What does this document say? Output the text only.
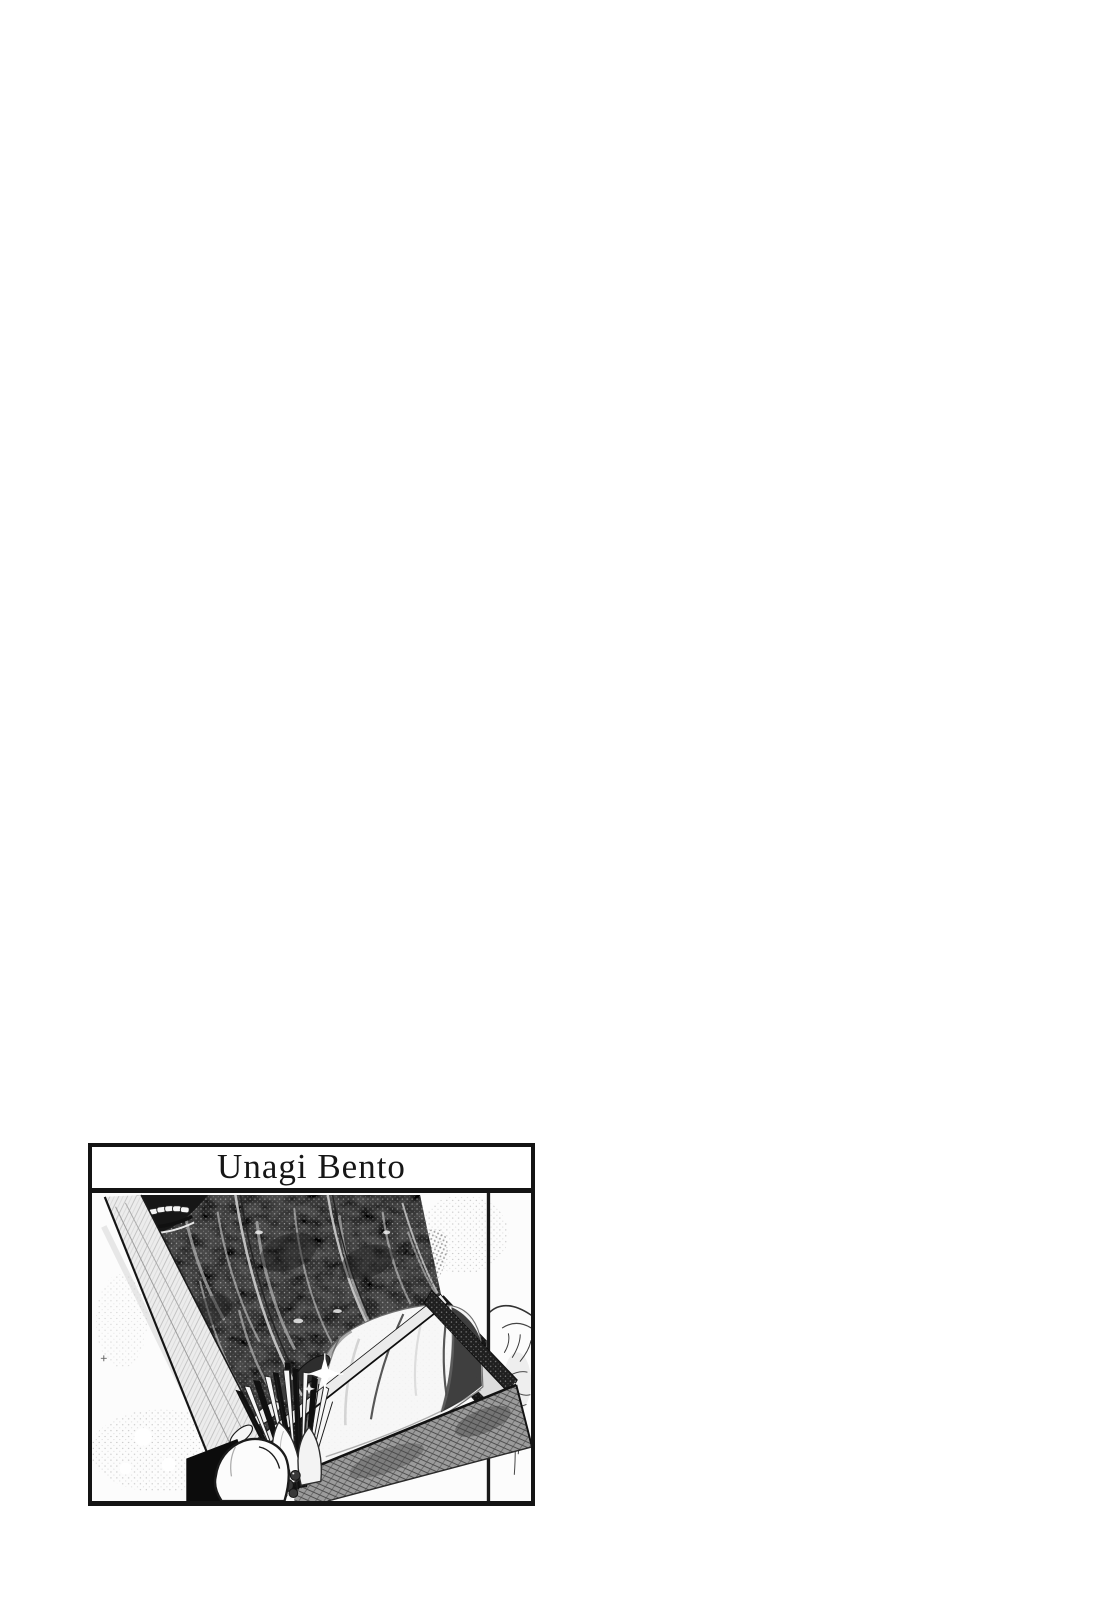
Unagi Bento
